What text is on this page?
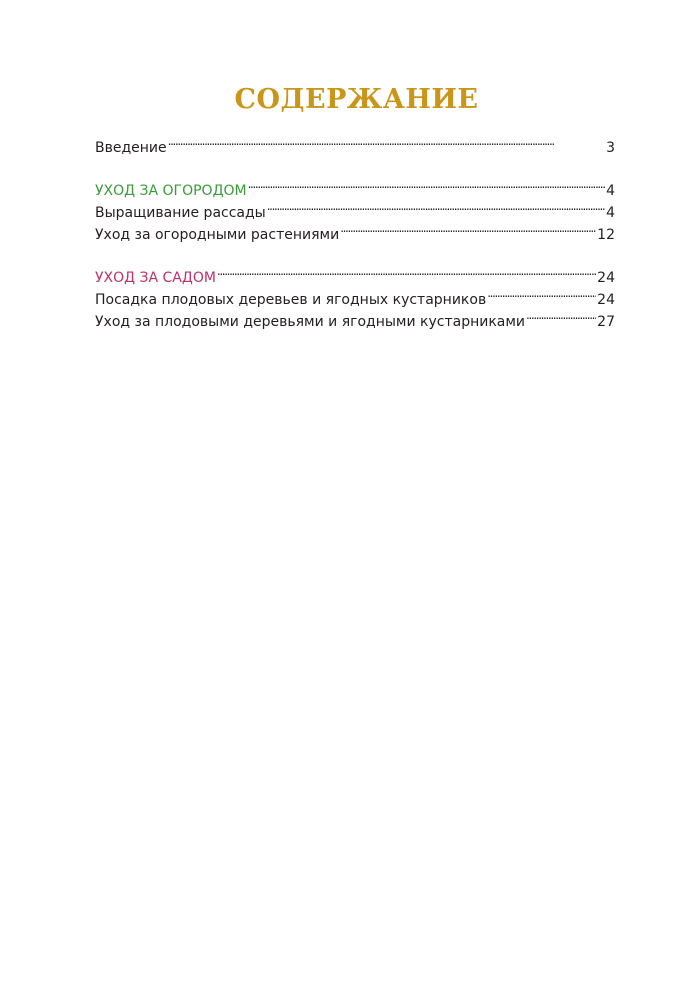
СОДЕРЖАНИЕ
Введение . . .	3
УХОД ЗА ОГОРОДОМ . . .	4
Выращивание рассады . . .	4
Уход за огородными растениями . . .	12
УХОД ЗА САДОМ . . .	24
Посадка плодовых деревьев и ягодных кустарников . . .	24
Уход за плодовыми деревьями и ягодными кустарниками . . .	27
